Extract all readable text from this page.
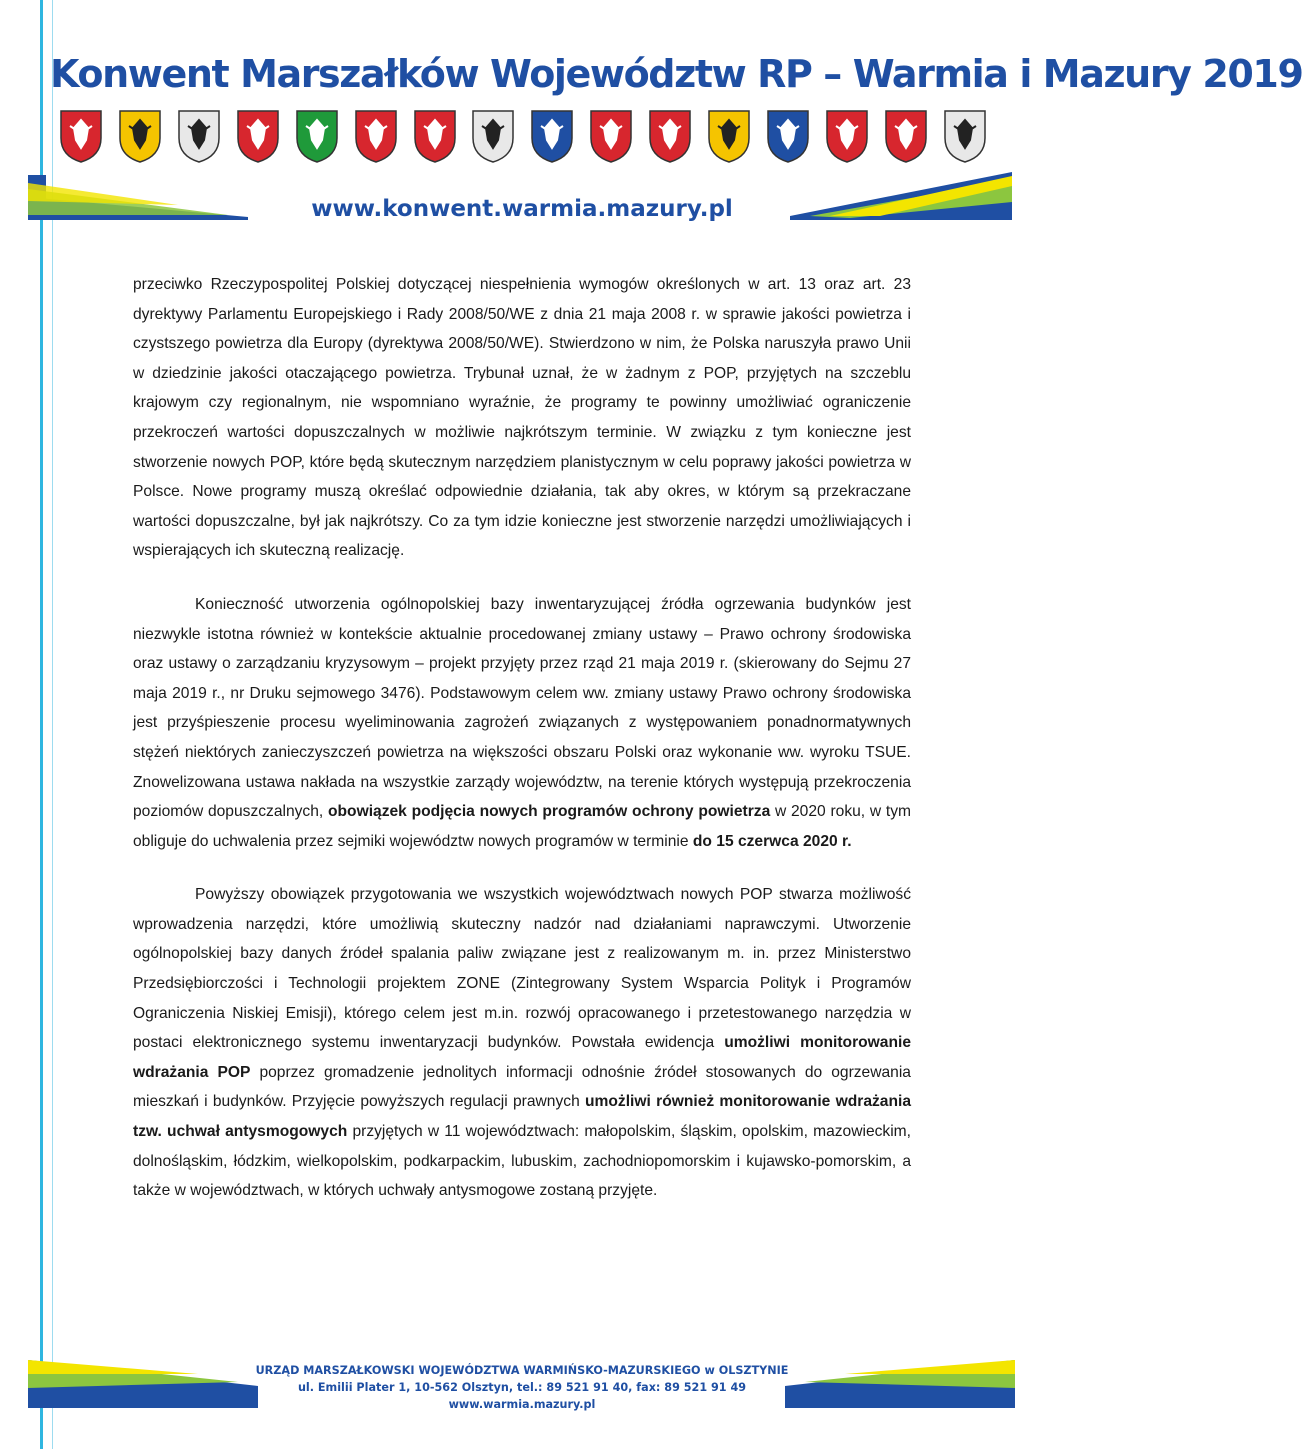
Konwent Marszałków Województw RP – Warmia i Mazury 2019
www.konwent.warmia.mazury.pl

przeciwko Rzeczypospolitej Polskiej dotyczącej niespełnienia wymogów określonych w art. 13 oraz art. 23 dyrektywy Parlamentu Europejskiego i Rady 2008/50/WE z dnia 21 maja 2008 r. w sprawie jakości powietrza i czystszego powietrza dla Europy (dyrektywa 2008/50/WE). Stwierdzono w nim, że Polska naruszyła prawo Unii w dziedzinie jakości otaczającego powietrza. Trybunał uznał, że w żadnym z POP, przyjętych na szczeblu krajowym czy regionalnym, nie wspomniano wyraźnie, że programy te powinny umożliwiać ograniczenie przekroczeń wartości dopuszczalnych w możliwie najkrótszym terminie. W związku z tym konieczne jest stworzenie nowych POP, które będą skutecznym narzędziem planistycznym w celu poprawy jakości powietrza w Polsce. Nowe programy muszą określać odpowiednie działania, tak aby okres, w którym są przekraczane wartości dopuszczalne, był jak najkrótszy. Co za tym idzie konieczne jest stworzenie narzędzi umożliwiających i wspierających ich skuteczną realizację.

Konieczność utworzenia ogólnopolskiej bazy inwentaryzującej źródła ogrzewania budynków jest niezwykle istotna również w kontekście aktualnie procedowanej zmiany ustawy – Prawo ochrony środowiska oraz ustawy o zarządzaniu kryzysowym – projekt przyjęty przez rząd 21 maja 2019 r. (skierowany do Sejmu 27 maja 2019 r., nr Druku sejmowego 3476). Podstawowym celem ww. zmiany ustawy Prawo ochrony środowiska jest przyśpieszenie procesu wyeliminowania zagrożeń związanych z występowaniem ponadnormatywnych stężeń niektórych zanieczyszczeń powietrza na większości obszaru Polski oraz wykonanie ww. wyroku TSUE. Znowelizowana ustawa nakłada na wszystkie zarządy województw, na terenie których występują przekroczenia poziomów dopuszczalnych, obowiązek podjęcia nowych programów ochrony powietrza w 2020 roku, w tym obliguje do uchwalenia przez sejmiki województw nowych programów w terminie do 15 czerwca 2020 r.

Powyższy obowiązek przygotowania we wszystkich województwach nowych POP stwarza możliwość wprowadzenia narzędzi, które umożliwią skuteczny nadzór nad działaniami naprawczymi. Utworzenie ogólnopolskiej bazy danych źródeł spalania paliw związane jest z realizowanym m. in. przez Ministerstwo Przedsiębiorczości i Technologii projektem ZONE (Zintegrowany System Wsparcia Polityk i Programów Ograniczenia Niskiej Emisji), którego celem jest m.in. rozwój opracowanego i przetestowanego narzędzia w postaci elektronicznego systemu inwentaryzacji budynków. Powstała ewidencja umożliwi monitorowanie wdrażania POP poprzez gromadzenie jednolitych informacji odnośnie źródeł stosowanych do ogrzewania mieszkań i budynków. Przyjęcie powyższych regulacji prawnych umożliwi również monitorowanie wdrażania tzw. uchwał antysmogowych przyjętych w 11 województwach: małopolskim, śląskim, opolskim, mazowieckim, dolnośląskim, łódzkim, wielkopolskim, podkarpackim, lubuskim, zachodniopomorskim i kujawsko-pomorskim, a także w województwach, w których uchwały antysmogowe zostaną przyjęte.

URZĄD MARSZAŁKOWSKI WOJEWÓDZTWA WARMIŃSKO-MAZURSKIEGO w OLSZTYNIE
ul. Emilii Plater 1, 10-562 Olsztyn, tel.: 89 521 91 40, fax: 89 521 91 49
www.warmia.mazury.pl
